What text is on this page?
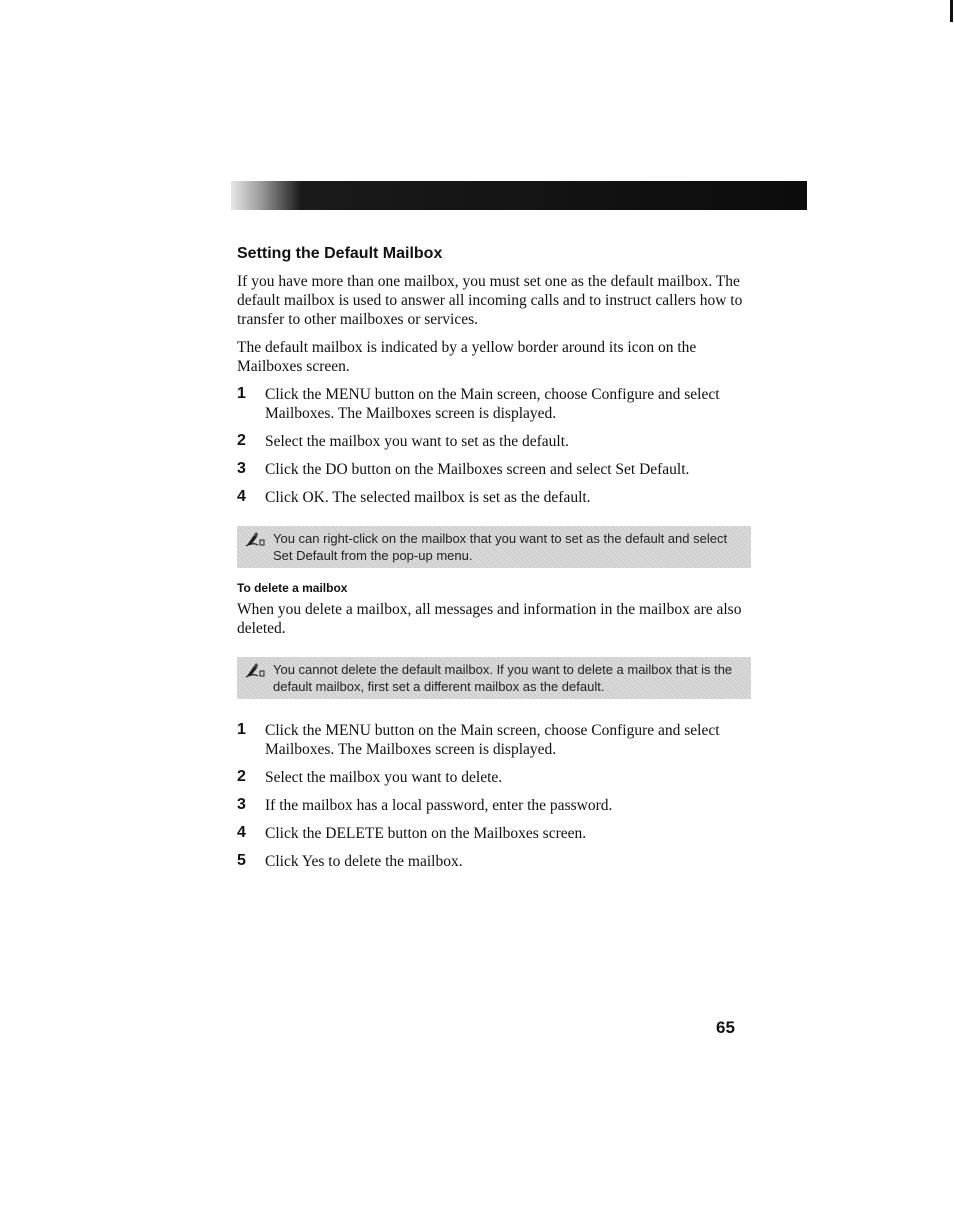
Setting the Default Mailbox

If you have more than one mailbox, you must set one as the default mailbox. The default mailbox is used to answer all incoming calls and to instruct callers how to transfer to other mailboxes or services.

The default mailbox is indicated by a yellow border around its icon on the Mailboxes screen.

1 Click the MENU button on the Main screen, choose Configure and select Mailboxes. The Mailboxes screen is displayed.
2 Select the mailbox you want to set as the default.
3 Click the DO button on the Mailboxes screen and select Set Default.
4 Click OK. The selected mailbox is set as the default.
You can right-click on the mailbox that you want to set as the default and select Set Default from the pop-up menu.
To delete a mailbox

When you delete a mailbox, all messages and information in the mailbox are also deleted.

You cannot delete the default mailbox. If you want to delete a mailbox that is the default mailbox, first set a different mailbox as the default.
1 Click the MENU button on the Main screen, choose Configure and select Mailboxes. The Mailboxes screen is displayed.
2 Select the mailbox you want to delete.
3 If the mailbox has a local password, enter the password.
4 Click the DELETE button on the Mailboxes screen.
5 Click Yes to delete the mailbox.
65
